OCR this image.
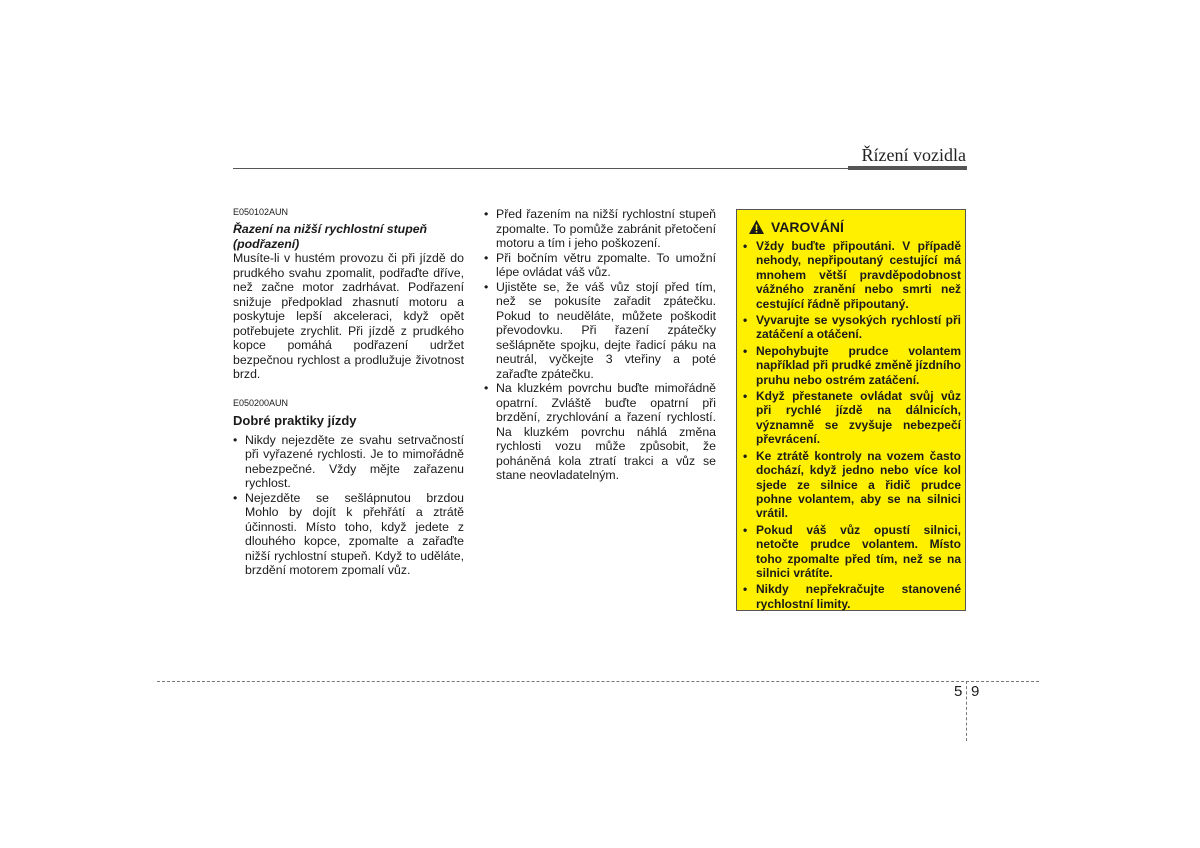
Řízení vozidla
E050102AUN

Řazení na nižší rychlostní stupeň (podřazení)

Musíte-li v hustém provozu či při jízdě do prudkého svahu zpomalit, podřaďte dříve, než začne motor zadrhávat. Podřazení snižuje předpoklad zhasnutí motoru a poskytuje lepší akceleraci, když opět potřebujete zrychlit. Při jízdě z prudkého kopce pomáhá podřazení udržet bezpečnou rychlost a prodlužuje životnost brzd.

E050200AUN
Dobré praktiky jízdy
• Nikdy nejezděte ze svahu setrvačností při vyřazené rychlosti. Je to mimořádně nebezpečné. Vždy mějte zařazenu rychlost.
• Nejezděte se sešlápnutou brzdou Mohlo by dojít k přehřátí a ztrátě účinnosti. Místo toho, když jedete z dlouhého kopce, zpomalte a zařaďte nižší rychlostní stupeň. Když to uděláte, brzdění motorem zpomalí vůz.
• Před řazením na nižší rychlostní stupeň zpomalte. To pomůže zabránit přetočení motoru a tím i jeho poškození.
• Při bočním větru zpomalte. To umožní lépe ovládat váš vůz.
• Ujistěte se, že váš vůz stojí před tím, než se pokusíte zařadit zpátečku. Pokud to neuděláte, můžete poškodit převodovku. Při řazení zpátečky sešlápněte spojku, dejte řadicí páku na neutrál, vyčkejte 3 vteřiny a poté zařaďte zpátečku.
• Na kluzkém povrchu buďte mimořádně opatrní. Zvláště buďte opatrní při brzdění, zrychlování a řazení rychlostí. Na kluzkém povrchu náhlá změna rychlosti vozu může způsobit, že poháněná kola ztratí trakci a vůz se stane neovladatelným.
VAROVÁNÍ
• Vždy buďte připoutáni. V případě nehody, nepřipoutaný cestující má mnohem větší pravděpodobnost vážného zranění nebo smrti než cestující řádně připoutaný.
• Vyvarujte se vysokých rychlostí při zatáčení a otáčení.
• Nepohybujte prudce volantem například při prudké změně jízdního pruhu nebo ostrém zatáčení.
• Když přestanete ovládat svůj vůz při rychlé jízdě na dálnicích, významně se zvyšuje nebezpečí převrácení.
• Ke ztrátě kontroly na vozem často dochází, když jedno nebo více kol sjede ze silnice a řidič prudce pohne volantem, aby se na silnici vrátil.
• Pokud váš vůz opustí silnici, netočte prudce volantem. Místo toho zpomalte před tím, než se na silnici vrátíte.
• Nikdy nepřekračujte stanovené rychlostní limity.
5 9
